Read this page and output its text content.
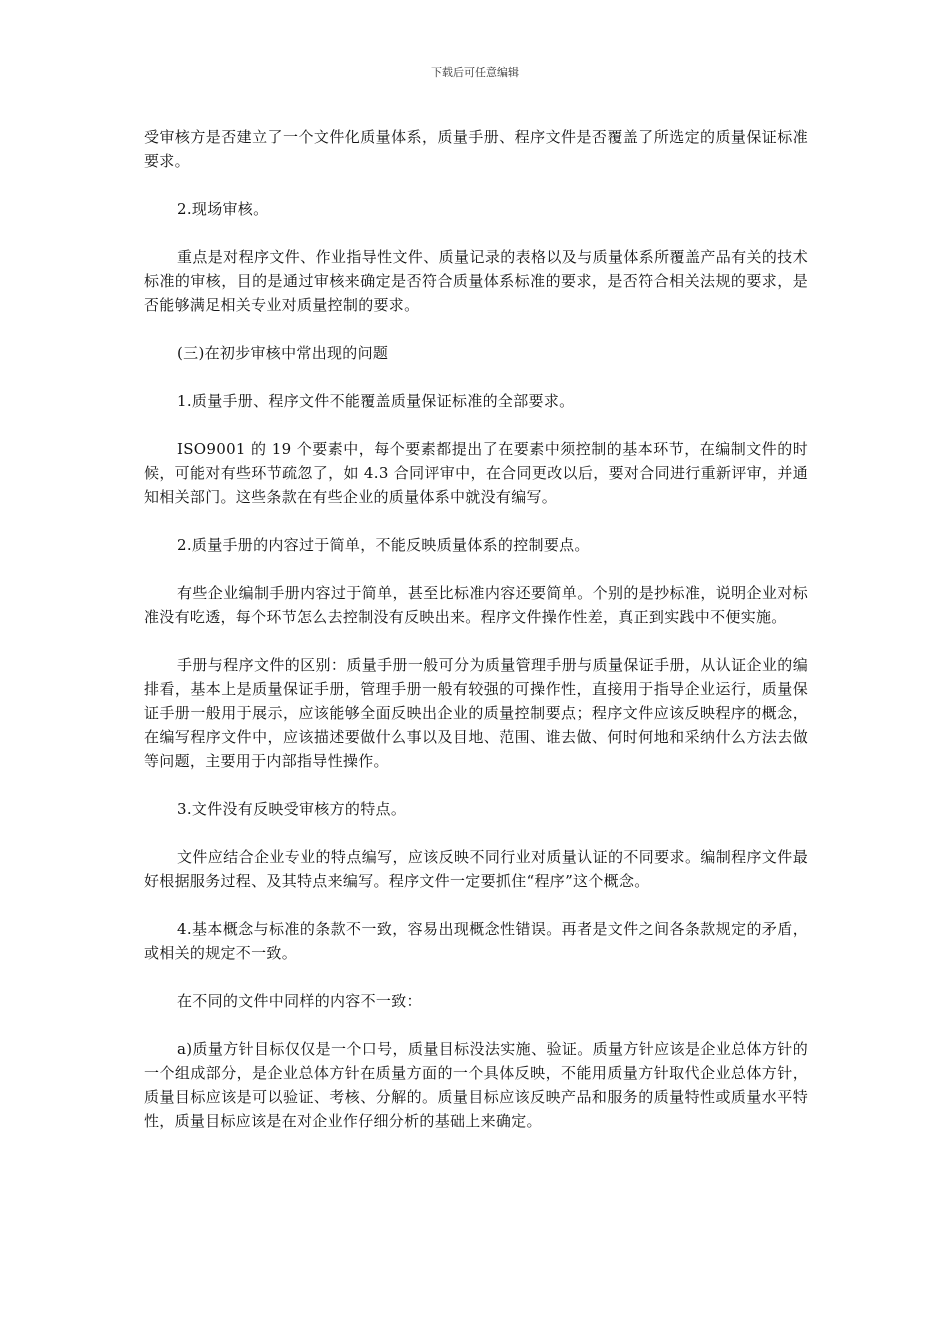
下载后可任意编辑

受审核方是否建立了一个文件化质量体系，质量手册、程序文件是否覆盖了所选定的质量保证标准要求。

2.现场审核。

重点是对程序文件、作业指导性文件、质量记录的表格以及与质量体系所覆盖产品有关的技术标准的审核，目的是通过审核来确定是否符合质量体系标准的要求，是否符合相关法规的要求，是否能够满足相关专业对质量控制的要求。

(三)在初步审核中常出现的问题

1.质量手册、程序文件不能覆盖质量保证标准的全部要求。

ISO9001 的 19 个要素中，每个要素都提出了在要素中须控制的基本环节，在编制文件的时候，可能对有些环节疏忽了，如 4.3 合同评审中，在合同更改以后，要对合同进行重新评审，并通知相关部门。这些条款在有些企业的质量体系中就没有编写。

2.质量手册的内容过于简单，不能反映质量体系的控制要点。

有些企业编制手册内容过于简单，甚至比标准内容还要简单。个别的是抄标准，说明企业对标准没有吃透，每个环节怎么去控制没有反映出来。程序文件操作性差，真正到实践中不便实施。

手册与程序文件的区别：质量手册一般可分为质量管理手册与质量保证手册，从认证企业的编排看，基本上是质量保证手册，管理手册一般有较强的可操作性，直接用于指导企业运行，质量保证手册一般用于展示，应该能够全面反映出企业的质量控制要点；程序文件应该反映程序的概念，在编写程序文件中，应该描述要做什么事以及目地、范围、谁去做、何时何地和采纳什么方法去做等问题，主要用于内部指导性操作。

3.文件没有反映受审核方的特点。

文件应结合企业专业的特点编写，应该反映不同行业对质量认证的不同要求。编制程序文件最好根据服务过程、及其特点来编写。程序文件一定要抓住“程序”这个概念。

4.基本概念与标准的条款不一致，容易出现概念性错误。再者是文件之间各条款规定的矛盾，或相关的规定不一致。

在不同的文件中同样的内容不一致：

a)质量方针目标仅仅是一个口号，质量目标没法实施、验证。质量方针应该是企业总体方针的一个组成部分，是企业总体方针在质量方面的一个具体反映，不能用质量方针取代企业总体方针，质量目标应该是可以验证、考核、分解的。质量目标应该反映产品和服务的质量特性或质量水平特性，质量目标应该是在对企业作仔细分析的基础上来确定。
